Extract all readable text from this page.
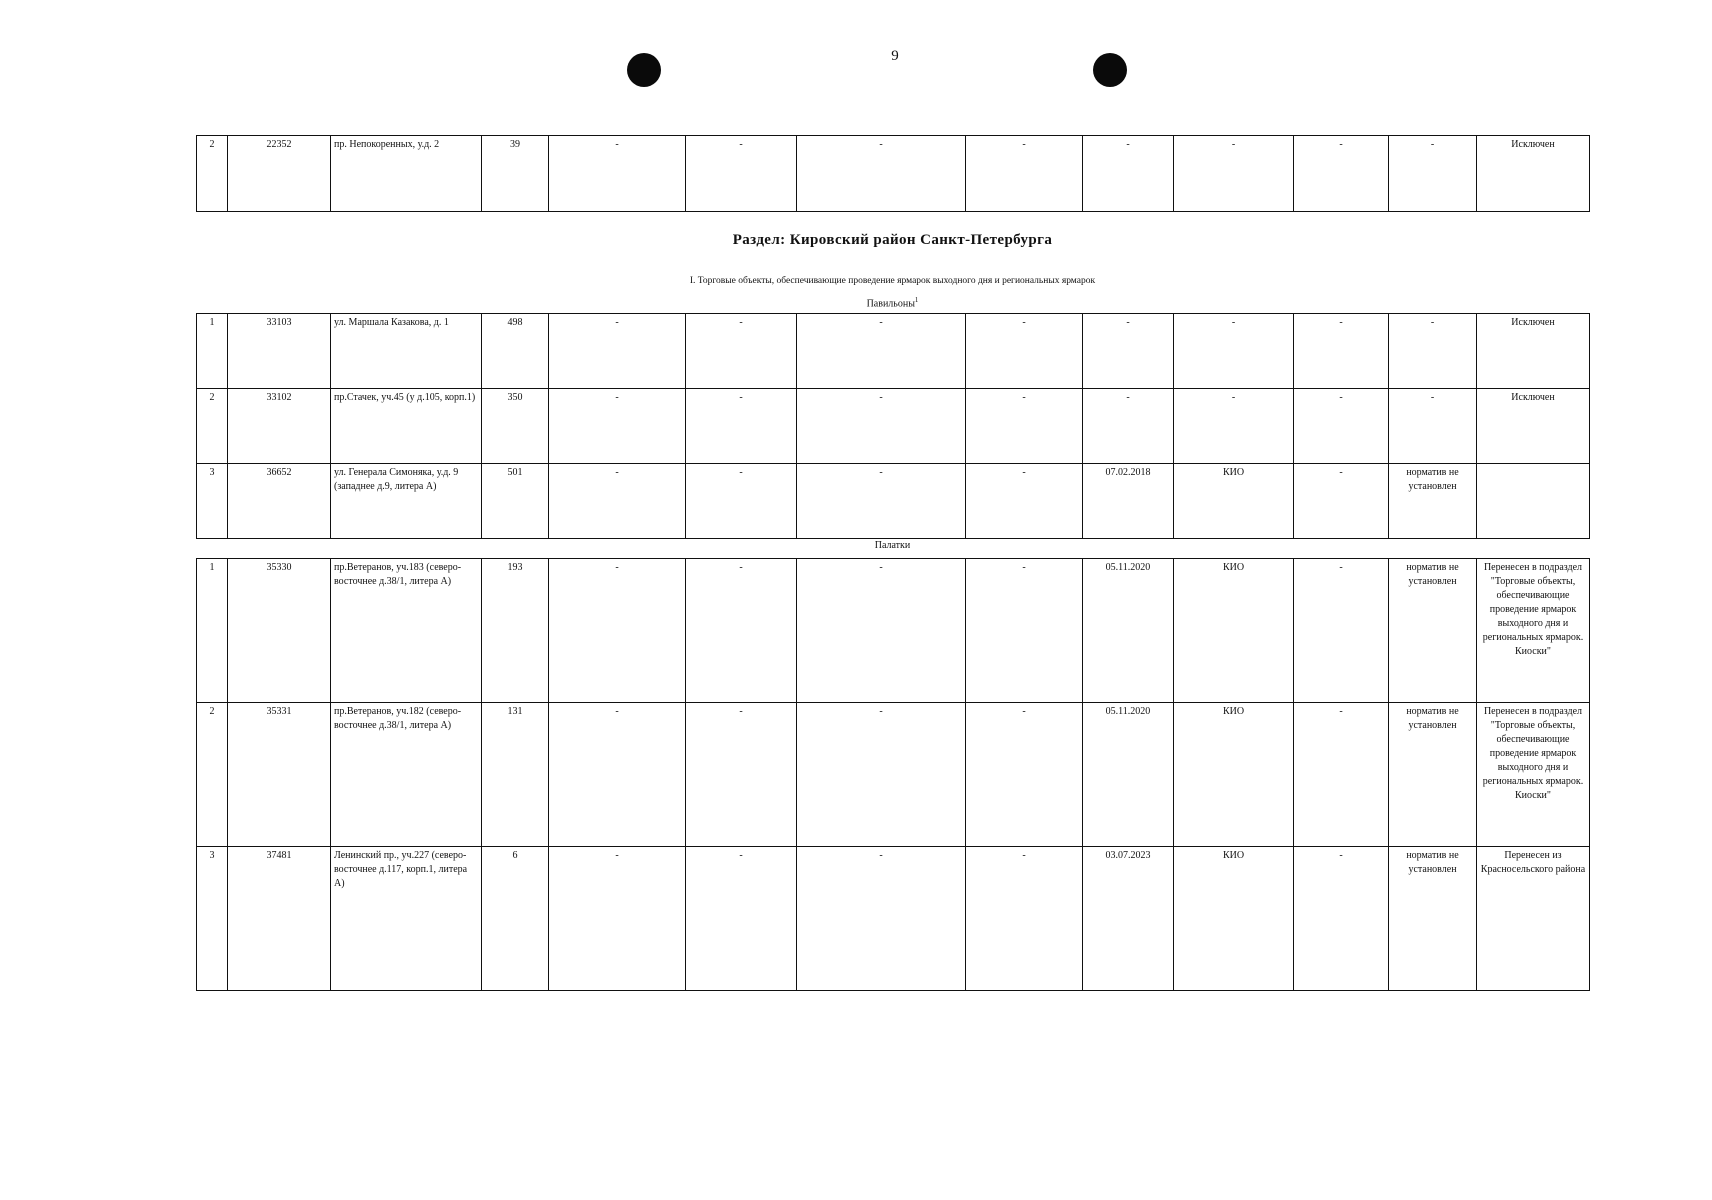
9
2	22352	пр. Непокоренных, у.д. 2	39	-	-	-	-	-	-	-	-	Исключен
Раздел: Кировский район Санкт-Петербурга
I. Торговые объекты, обеспечивающие проведение ярмарок выходного дня и региональных ярмарок
Павильоны$^1$
1	33103	ул. Маршала Казакова, д. 1	498	-	-	-	-	-	-	-	-	Исключен
2	33102	пр.Стачек, уч.45 (у д.105, корп.1)	350	-	-	-	-	-	-	-	-	Исключен
3	36652	ул. Генерала Симоняка, у.д. 9 (западнее д.9, литера А)	501	-	-	-	-	07.02.2018	КИО	-	норматив не установлен	
Палатки
1	35330	пр.Ветеранов, уч.183 (северо-восточнее д.38/1, литера А)	193	-	-	-	-	05.11.2020	КИО	-	норматив не установлен	Перенесен в подраздел "Торговые объекты, обеспечивающие проведение ярмарок выходного дня и региональных ярмарок. Киоски"
2	35331	пр.Ветеранов, уч.182 (северо-восточнее д.38/1, литера А)	131	-	-	-	-	05.11.2020	КИО	-	норматив не установлен	Перенесен в подраздел "Торговые объекты, обеспечивающие проведение ярмарок выходного дня и региональных ярмарок. Киоски"
3	37481	Ленинский пр., уч.227 (северо-восточнее д.117, корп.1, литера А)	6	-	-	-	-	03.07.2023	КИО	-	норматив не установлен	Перенесен из Красносельского района
